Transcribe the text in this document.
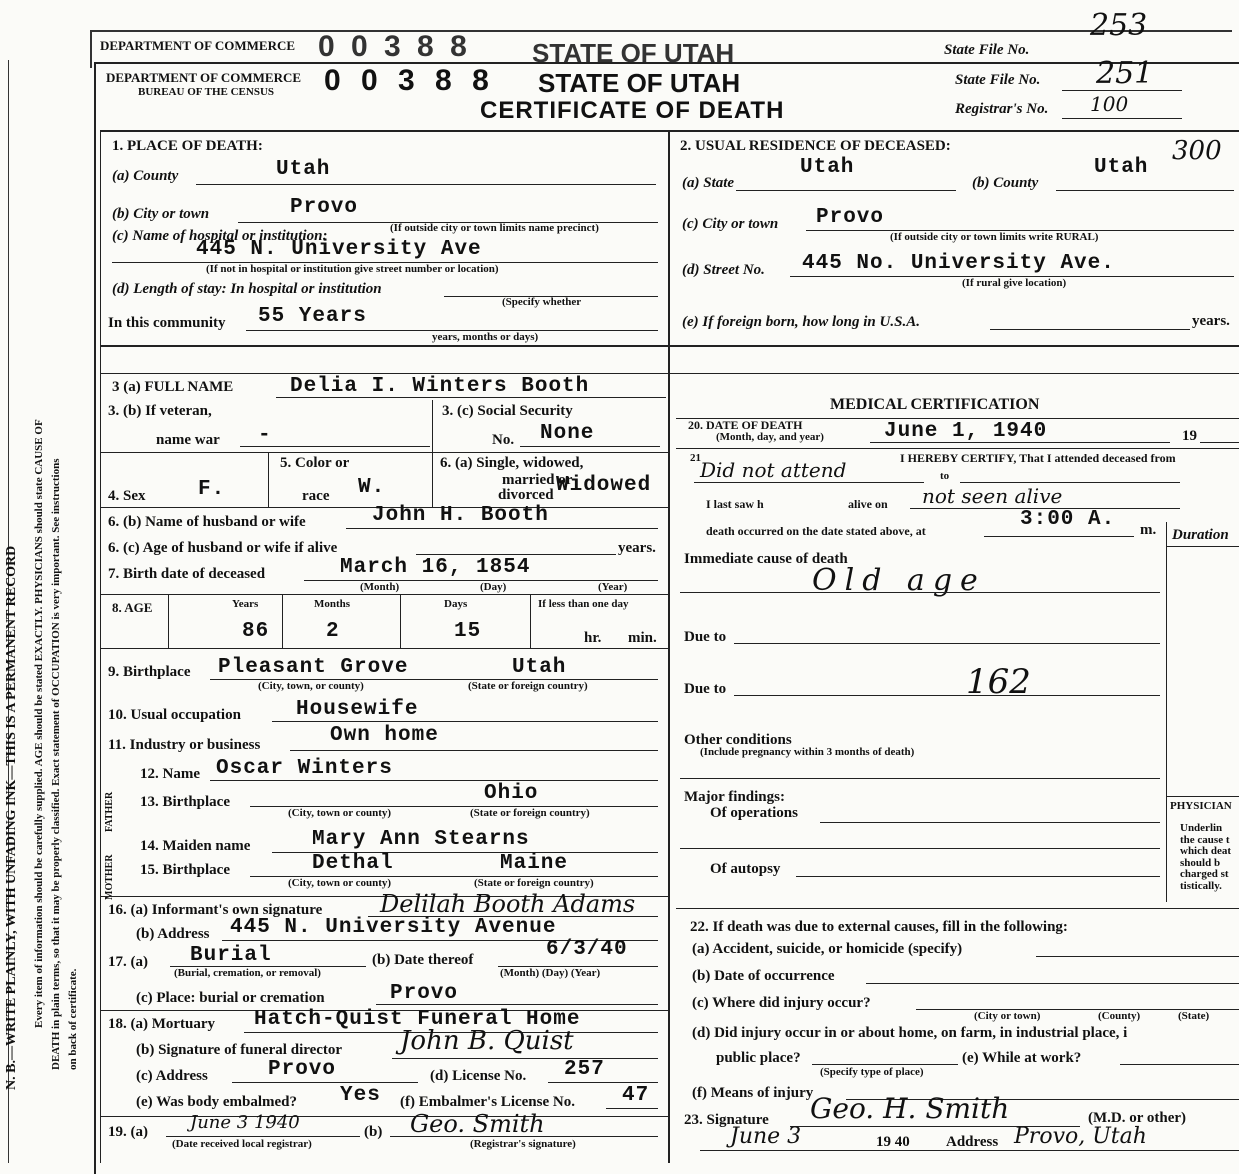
DEPARTMENT OF COMMERCE 0 0 3 8 8 STATE OF UTAH	State File No.
253
N. B.—WRITE PLAINLY, WITH UNFADING INK—THIS IS A PERMANENT RECORD Every item of information should be carefully supplied. AGE should be stated EXACTLY. PHYSICIANS should state CAUSE OF DEATH in plain terms, so that it may be properly classified. Exact statement of OCCUPATION is very important. See instructions on back of certificate.
DEPARTMENT OF COMMERCE
BUREAU OF THE CENSUS 0 0 3 8 8 STATE OF UTAH
CERTIFICATE OF DEATH
State File No. 251
Registrar's No. 100
1. PLACE OF DEATH:
(a) County	Utah
(b) City or town	Provo
(c) Name of hospital or institution:	(If outside city or town limits name precinct)
445 N. University Ave
(If not in hospital or institution give street number or location)
(d) Length of stay: In hospital or institution
(Specify whether
In this community 55 Years
years, months or days)
2. USUAL RESIDENCE OF DECEASED:	300
(a) State
Utah
(b) County
Utah
(c) City or town Provo
(If outside city or town limits write RURAL)
(d) Street No. 445 No. University Ave.
(If rural give location)
(e) If foreign born, how long in U.S.A.	years.
3 (a) FULL NAME	Delia I. Winters Booth
3. (b) If veteran,
name war -
3. (c) Social Security
No. None
4. Sex	F.
5. Color or
race W.
6. (a) Single, widowed,
married or
divorced Widowed
6. (b) Name of husband or wife	John H. Booth
6. (c) Age of husband or wife if alive	years.
7. Birth date of deceased	March 16, 1854
(Month)	(Day)	(Year)
8. AGE	Years	Months	Days	If less than one day
86	2	15	hr. min.
9. Birthplace Pleasant Grove	Utah
(City, town, or county)	(State or foreign country)
10. Usual occupation	Housewife
11. Industry or business	Own home
FATHER
MOTHER
12. Name Oscar Winters
13. Birthplace	Ohio
(City, town or county)	(State or foreign country)
14. Maiden name	Mary Ann Stearns
15. Birthplace	Dethal	Maine
(City, town or county)	(State or foreign country)
16. (a) Informant's own signature Delilah Booth Adams
(b) Address 445 N. University Avenue
17. (a) Burial
(Burial, cremation, or removal)
(b) Date thereof	6/3/40
(Month) (Day) (Year)
(c) Place: burial or cremation	Provo
18. (a) Mortuary Hatch-Quist Funeral Home
(b) Signature of funeral director John B. Quist
(c) Address	Provo	(d) License No. 257
(e) Was body embalmed? Yes (f) Embalmer's License No. 47
19. (a) June 3 1940
(Date received local registrar)
(b) Geo. Smith
(Registrar's signature)
MEDICAL CERTIFICATION
20. DATE OF DEATH
(Month, day, and year)	June 1, 1940	19
21	I HEREBY CERTIFY, That I attended deceased from
Did not attend	to
I last saw h	alive on not seen alive
death occurred on the date stated above, at	3:00 A. m. Duration
Immediate cause of death
Old age
Due to
Due to	162
Other conditions
(Include pregnancy within 3 months of death)
Major findings:
Of operations
Of autopsy
PHYSICIAN
Underlin
the cause t
which deat
should b
charged st
tistically.
22. If death was due to external causes, fill in the following:
(a) Accident, suicide, or homicide (specify)
(b) Date of occurrence
(c) Where did injury occur?
(City or town)	(County)	(State)
(d) Did injury occur in or about home, on farm, in industrial place, i
public place?
(Specify type of place)
(e) While at work?
(f) Means of injury
23. Signature Geo. H. Smith	(M.D. or other)
June 3	19 40 Address Provo, Utah
